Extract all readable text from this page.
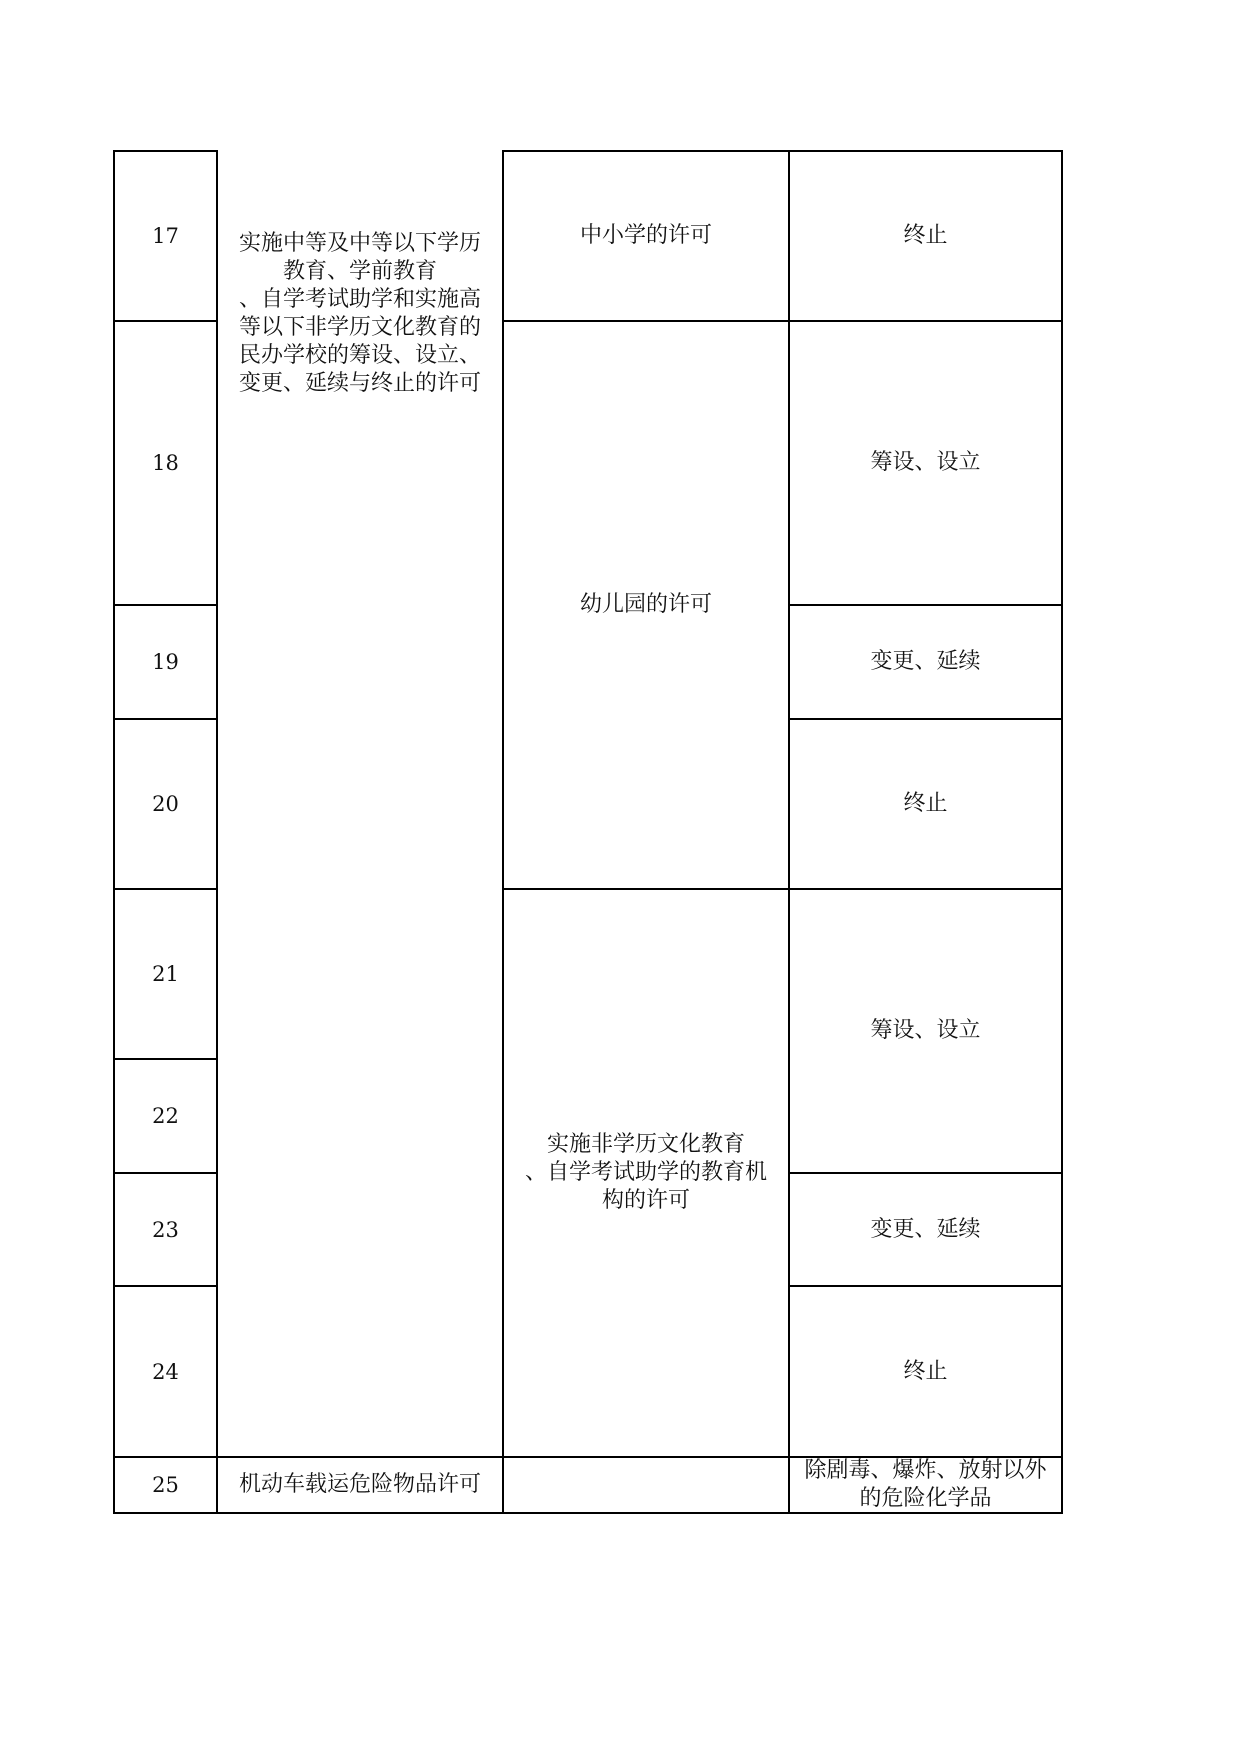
17
18
19
20
21
22
23
24
25
实施中等及中等以下学历
教育、学前教育
、自学考试助学和实施高
等以下非学历文化教育的
民办学校的筹设、设立、
变更、延续与终止的许可
机动车载运危险物品许可
中小学的许可
幼儿园的许可
实施非学历文化教育
、自学考试助学的教育机
构的许可
终止
筹设、设立
变更、延续
终止
筹设、设立
变更、延续
终止
除剧毒、爆炸、放射以外
的危险化学品
